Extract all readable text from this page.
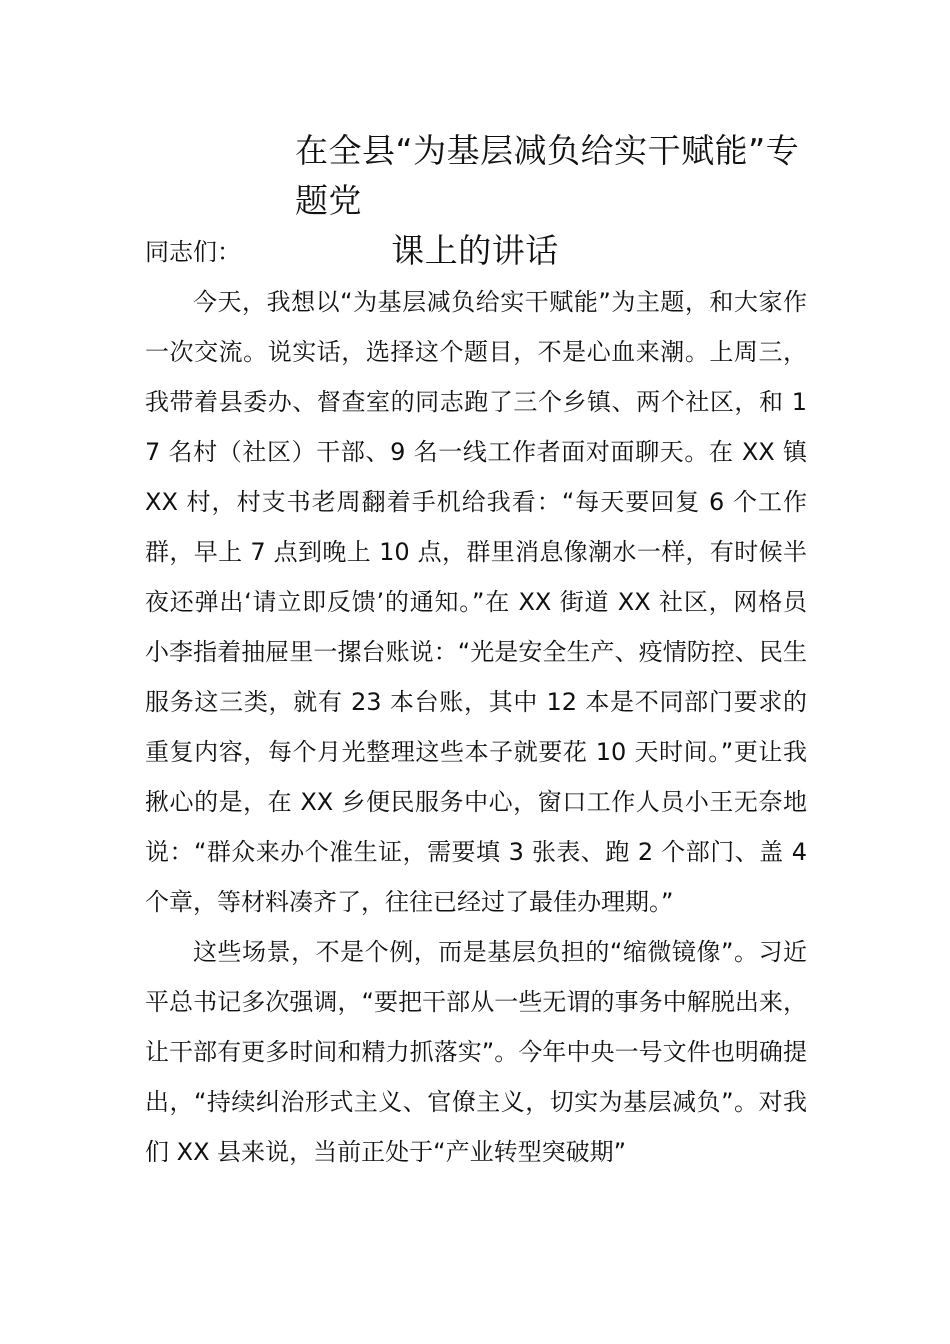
在全县“为基层减负给实干赋能”专题党
课上的讲话

同志们：

今天，我想以“为基层减负给实干赋能”为主题，和大家作一次交流。说实话，选择这个题目，不是心血来潮。上周三，我带着县委办、督查室的同志跑了三个乡镇、两个社区，和 17 名村（社区）干部、9 名一线工作者面对面聊天。在 XX 镇 XX 村，村支书老周翻着手机给我看：“每天要回复 6 个工作群，早上 7 点到晚上 10 点，群里消息像潮水一样，有时候半夜还弹出‘请立即反馈’的通知。”在 XX 街道 XX 社区，网格员小李指着抽屉里一摞台账说：“光是安全生产、疫情防控、民生服务这三类，就有 23 本台账，其中 12 本是不同部门要求的重复内容，每个月光整理这些本子就要花 10 天时间。”更让我揪心的是，在 XX 乡便民服务中心，窗口工作人员小王无奈地说：“群众来办个准生证，需要填 3 张表、跑 2 个部门、盖 4 个章，等材料凑齐了，往往已经过了最佳办理期。”

这些场景，不是个例，而是基层负担的“缩微镜像”。习近平总书记多次强调，“要把干部从一些无谓的事务中解脱出来，让干部有更多时间和精力抓落实”。今年中央一号文件也明确提出，“持续纠治形式主义、官僚主义，切实为基层减负”。对我们 XX 县来说，当前正处于“产业转型突破期”
